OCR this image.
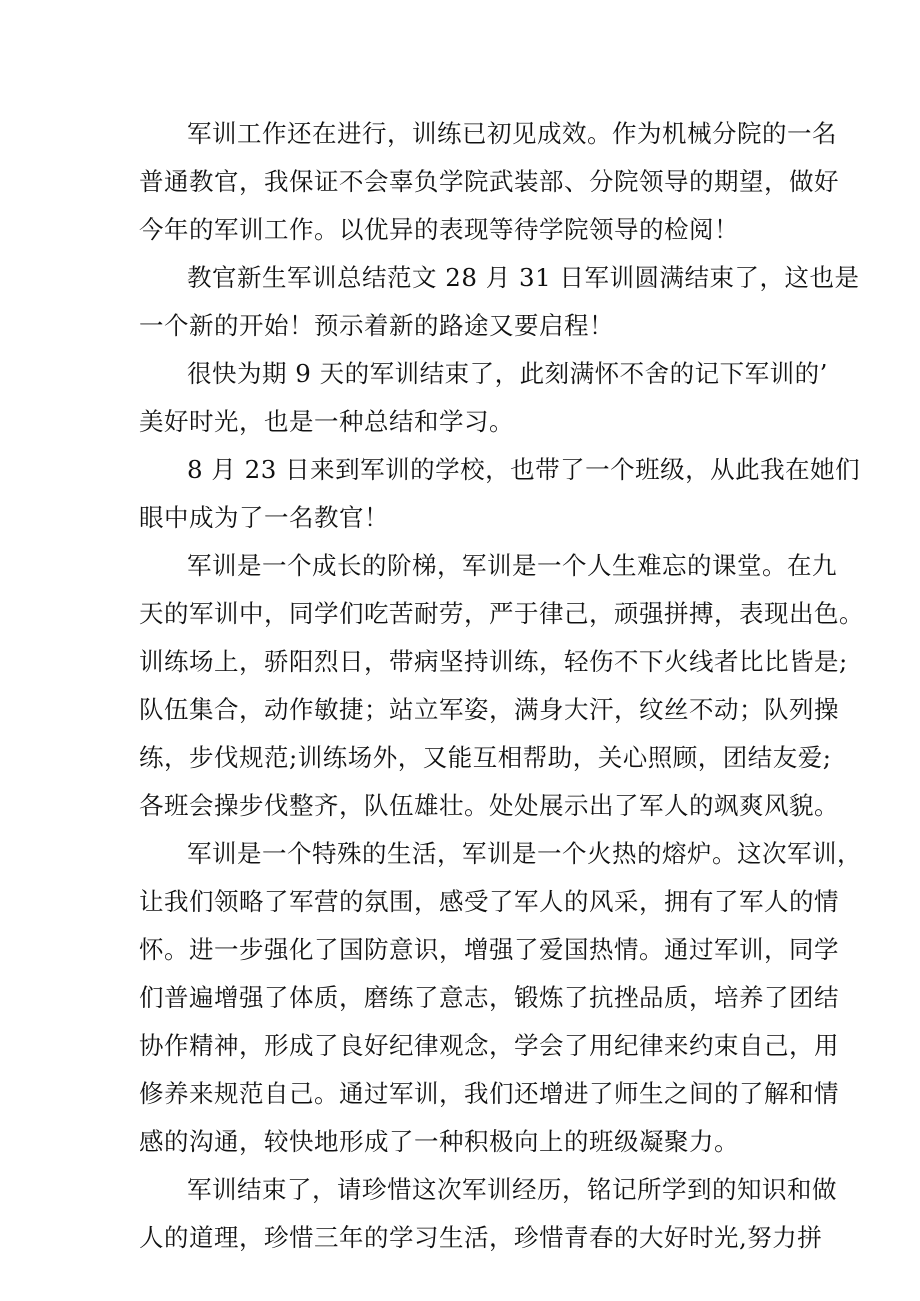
军训工作还在进行，训练已初见成效。作为机械分院的一名
普通教官，我保证不会辜负学院武装部、分院领导的期望，做好
今年的军训工作。以优异的表现等待学院领导的检阅！
教官新生军训总结范文 28 月 31 日军训圆满结束了，这也是
一个新的开始！预示着新的路途又要启程！
很快为期 9 天的军训结束了，此刻满怀不舍的记下军训的’
美好时光，也是一种总结和学习。
8 月 23 日来到军训的学校，也带了一个班级，从此我在她们
眼中成为了一名教官！
军训是一个成长的阶梯，军训是一个人生难忘的课堂。在九
天的军训中，同学们吃苦耐劳，严于律己，顽强拼搏，表现出色。
训练场上，骄阳烈日，带病坚持训练，轻伤不下火线者比比皆是;
队伍集合，动作敏捷；站立军姿，满身大汗，纹丝不动；队列操
练，步伐规范;训练场外，又能互相帮助，关心照顾，团结友爱;
各班会操步伐整齐，队伍雄壮。处处展示出了军人的飒爽风貌。
军训是一个特殊的生活，军训是一个火热的熔炉。这次军训，
让我们领略了军营的氛围，感受了军人的风采，拥有了军人的情
怀。进一步强化了国防意识，增强了爱国热情。通过军训，同学
们普遍增强了体质，磨练了意志，锻炼了抗挫品质，培养了团结
协作精神，形成了良好纪律观念，学会了用纪律来约束自己，用
修养来规范自己。通过军训，我们还增进了师生之间的了解和情
感的沟通，较快地形成了一种积极向上的班级凝聚力。
军训结束了，请珍惜这次军训经历，铭记所学到的知识和做
人的道理，珍惜三年的学习生活，珍惜青春的大好时光,努力拼
